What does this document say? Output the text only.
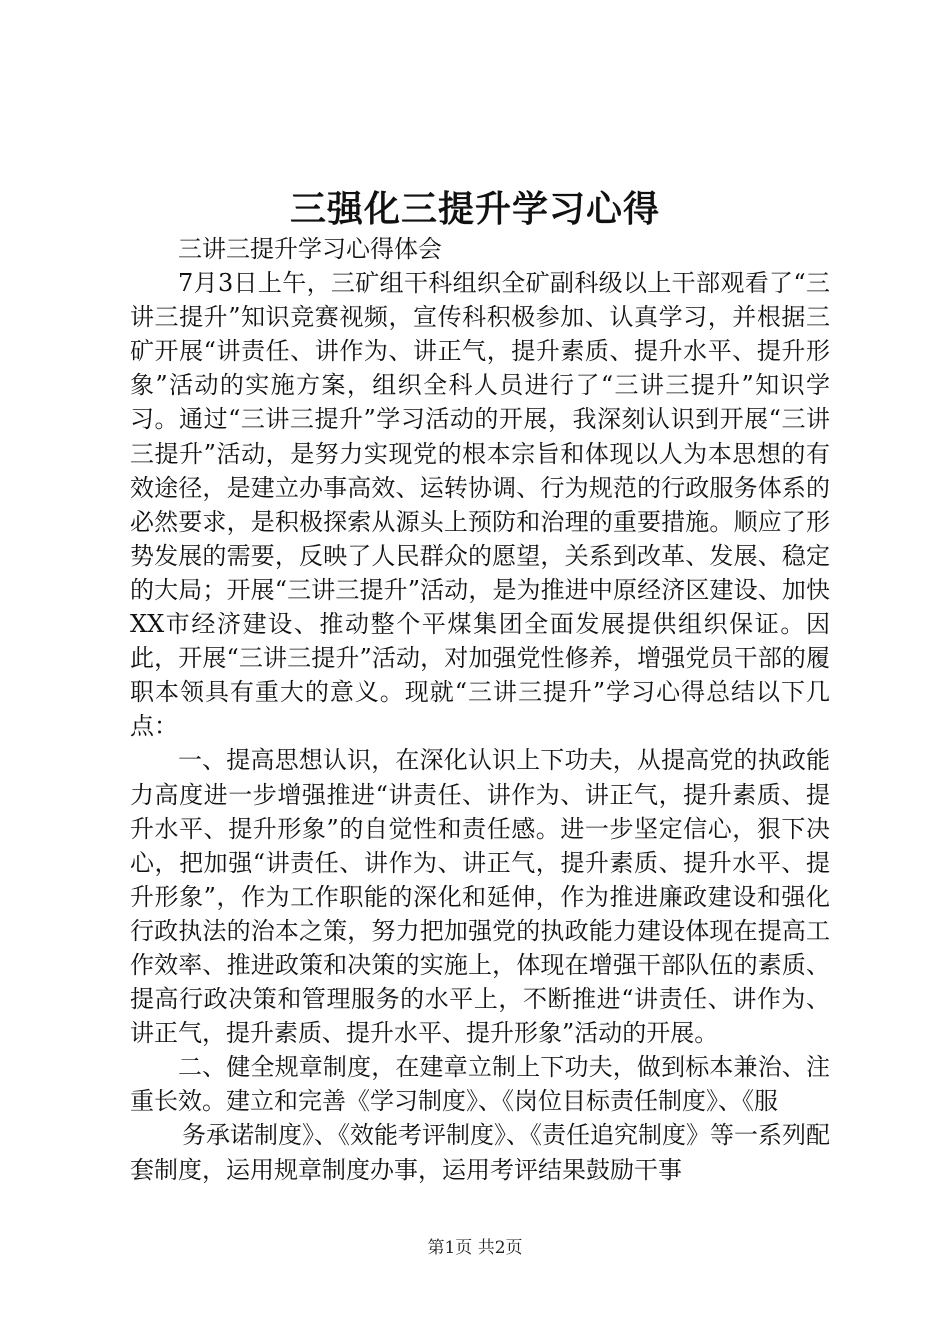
三强化三提升学习心得

三讲三提升学习心得体会

7月3日上午，三矿组干科组织全矿副科级以上干部观看了“三讲三提升”知识竞赛视频，宣传科积极参加、认真学习，并根据三矿开展“讲责任、讲作为、讲正气，提升素质、提升水平、提升形象”活动的实施方案，组织全科人员进行了“三讲三提升”知识学习。通过“三讲三提升”学习活动的开展，我深刻认识到开展“三讲三提升”活动，是努力实现党的根本宗旨和体现以人为本思想的有效途径，是建立办事高效、运转协调、行为规范的行政服务体系的必然要求，是积极探索从源头上预防和治理的重要措施。顺应了形势发展的需要，反映了人民群众的愿望，关系到改革、发展、稳定的大局；开展“三讲三提升”活动，是为推进中原经济区建设、加快XX市经济建设、推动整个平煤集团全面发展提供组织保证。因此，开展“三讲三提升”活动，对加强党性修养，增强党员干部的履职本领具有重大的意义。现就“三讲三提升”学习心得总结以下几点：

一、提高思想认识，在深化认识上下功夫，从提高党的执政能力高度进一步增强推进“讲责任、讲作为、讲正气，提升素质、提升水平、提升形象”的自觉性和责任感。进一步坚定信心，狠下决心，把加强“讲责任、讲作为、讲正气，提升素质、提升水平、提升形象”，作为工作职能的深化和延伸，作为推进廉政建设和强化行政执法的治本之策，努力把加强党的执政能力建设体现在提高工作效率、推进政策和决策的实施上，体现在增强干部队伍的素质、提高行政决策和管理服务的水平上，不断推进“讲责任、讲作为、讲正气，提升素质、提升水平、提升形象”活动的开展。

二、健全规章制度，在建章立制上下功夫，做到标本兼治、注重长效。建立和完善《学习制度》、《岗位目标责任制度》、《服

务承诺制度》、《效能考评制度》、《责任追究制度》等一系列配套制度，运用规章制度办事，运用考评结果鼓励干事

第1页 共2页
